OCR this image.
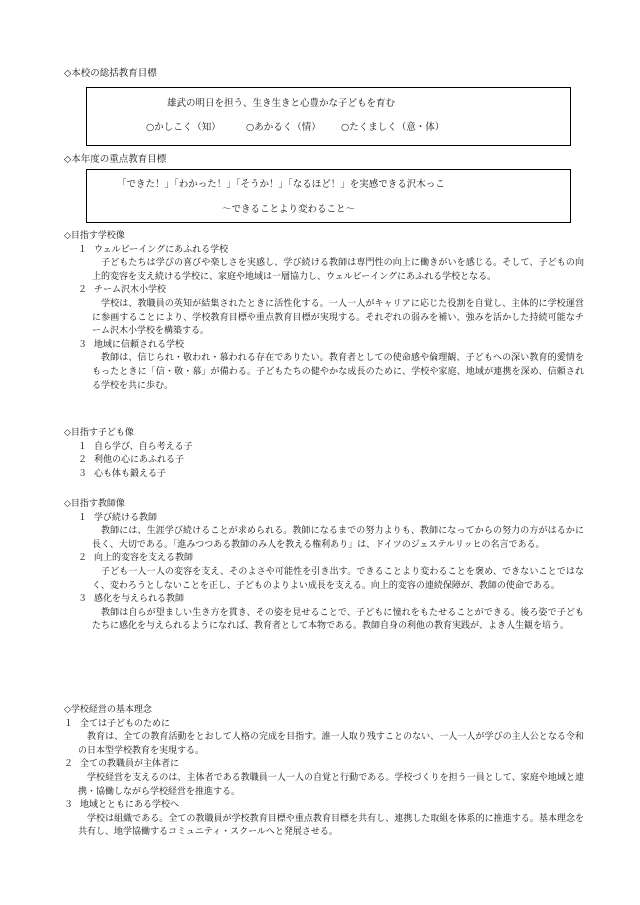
◇本校の総括教育目標
雄武の明日を担う、生き生きと心豊かな子どもを育む
○かしこく（知）	○あかるく（情） ○たくましく（意・体）
◇本年度の重点教育目標
「できた！」「わかった！」「そうか！」「なるほど！」を実感できる沢木っこ
～できることより変わること～
◇目指す学校像
１ ウェルビーイングにあふれる学校
子どもたちは学びの喜びや楽しさを実感し、学び続ける教師は専門性の向上に働きがいを感じる。そして、子どもの向上的変容を支え続ける学校に、家庭や地域は一層協力し、ウェルビーイングにあふれる学校となる。
２ チーム沢木小学校
学校は、教職員の英知が結集されたときに活性化する。一人一人がキャリアに応じた役割を自覚し、主体的に学校運営に参画することにより、学校教育目標や重点教育目標が実現する。それぞれの弱みを補い、強みを活かした持続可能なチーム沢木小学校を構築する。
３ 地域に信頼される学校
教師は、信じられ・敬われ・慕われる存在でありたい。教育者としての使命感や倫理観、子どもへの深い教育的愛情をもったときに「信・敬・慕」が備わる。子どもたちの健やかな成長のために、学校や家庭、地域が連携を深め、信頼される学校を共に歩む。
◇目指す子ども像
１ 自ら学び、自ら考える子
２ 利他の心にあふれる子
３ 心も体も鍛える子
◇目指す教師像
１ 学び続ける教師
教師には、生涯学び続けることが求められる。教師になるまでの努力よりも、教師になってからの努力の方がはるかに長く、大切である。「進みつつある教師のみ人を教える権利あり」は、ドイツのジェステルリッヒの名言である。
２ 向上的変容を支える教師
子ども一人一人の変容を支え、そのよさや可能性を引き出す。できることより変わることを褒め、できないことではなく、変わろうとしないことを正し、子どものよりよい成長を支える。向上的変容の連続保障が、教師の使命である。
３ 感化を与えられる教師
教師は自らが望ましい生き方を貫き、その姿を見せることで、子どもに憧れをもたせることができる。後ろ姿で子どもたちに感化を与えられるようになれば、教育者として本物である。教師自身の利他の教育実践が、よき人生観を培う。
◇学校経営の基本理念
１ 全ては子どものために
教育は、全ての教育活動をとおして人格の完成を目指す。誰一人取り残すことのない、一人一人が学びの主人公となる令和の日本型学校教育を実現する。
２ 全ての教職員が主体者に
学校経営を支えるのは、主体者である教職員一人一人の自覚と行動である。学校づくりを担う一員として、家庭や地域と連携・協働しながら学校経営を推進する。
３ 地域とともにある学校へ
学校は組織である。全ての教職員が学校教育目標や重点教育目標を共有し、連携した取組を体系的に推進する。基本理念を共有し、地学協働するコミュニティ・スクールへと発展させる。
